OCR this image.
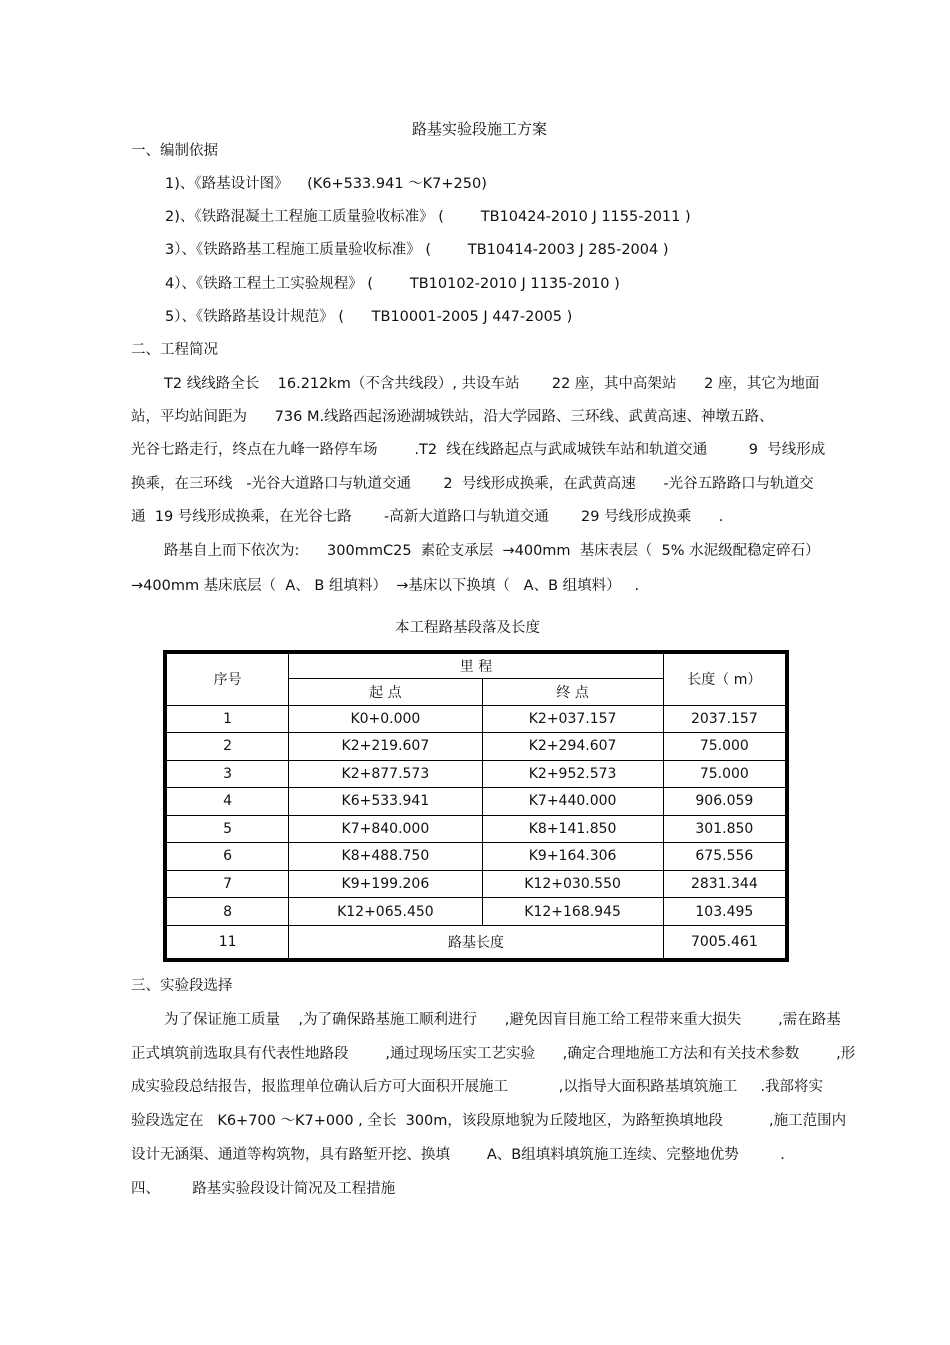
路基实验段施工方案
一、编制依据
1)、《路基设计图》    (K6+533.941 ～K7+250)
2)、《铁路混凝土工程施工质量验收标准》 (        TB10424-2010 J 1155-2011 )
3）、《铁路路基工程施工质量验收标准》 (        TB10414-2003 J 285-2004 )
4）、《铁路工程土工实验规程》 (        TB10102-2010 J 1135-2010 )
5）、《铁路路基设计规范》 (      TB10001-2005 J 447-2005 )
二、工程简况
T2 线线路全长    16.212km（不含共线段）, 共设车站       22 座，其中高架站      2 座，其它为地面
站，平均站间距为      736 M.线路西起汤逊湖城铁站，沿大学园路、三环线、武黄高速、神墩五路、
光谷七路走行，终点在九峰一路停车场        .T2  线在线路起点与武咸城铁车站和轨道交通         9  号线形成
换乘，在三环线   -光谷大道路口与轨道交通       2  号线形成换乘，在武黄高速      -光谷五路路口与轨道交
通  19 号线形成换乘，在光谷七路       -高新大道路口与轨道交通       29 号线形成换乘      .
路基自上而下依次为:      300mmC25  素砼支承层  →400mm  基床表层（  5% 水泥级配稳定碎石）
→400mm 基床底层（  A、 B 组填料）  →基床以下换填（   A、B 组填料）   .
本工程路基段落及长度
序号	里 程		长度（ m）
	起 点	终 点	
1	K0+0.000	K2+037.157	2037.157
2	K2+219.607	K2+294.607	75.000
3	K2+877.573	K2+952.573	75.000
4	K6+533.941	K7+440.000	906.059
5	K7+840.000	K8+141.850	301.850
6	K8+488.750	K9+164.306	675.556
7	K9+199.206	K12+030.550	2831.344
8	K12+065.450	K12+168.945	103.495
11	路基长度		7005.461
三、实验段选择
为了保证施工质量    ,为了确保路基施工顺利进行      ,避免因盲目施工给工程带来重大损失        ,需在路基
正式填筑前选取具有代表性地路段        ,通过现场压实工艺实验      ,确定合理地施工方法和有关技术参数        ,形
成实验段总结报告，报监理单位确认后方可大面积开展施工           ,以指导大面积路基填筑施工     .我部将实
验段选定在   K6+700 ～K7+000 , 全长  300m，该段原地貌为丘陵地区，为路堑换填地段          ,施工范围内
设计无涵渠、通道等构筑物，具有路堑开挖、换填        A、B组填料填筑施工连续、完整地优势         .
四、       路基实验段设计简况及工程措施
